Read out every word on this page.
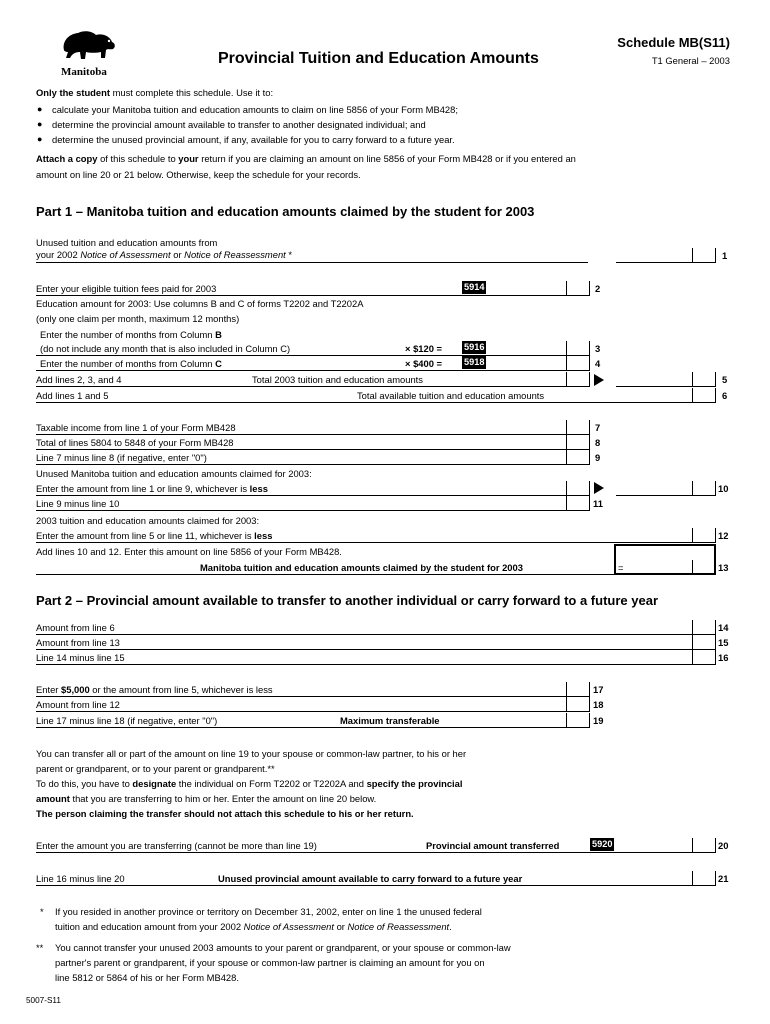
Manitoba
Provincial Tuition and Education Amounts
Schedule MB(S11)
T1 General – 2003
Only the student must complete this schedule. Use it to:
● calculate your Manitoba tuition and education amounts to claim on line 5856 of your Form MB428;
● determine the provincial amount available to transfer to another designated individual; and
● determine the unused provincial amount, if any, available for you to carry forward to a future year.
Attach a copy of this schedule to your return if you are claiming an amount on line 5856 of your Form MB428 or if you entered an
amount on line 20 or 21 below. Otherwise, keep the schedule for your records.
Part 1 – Manitoba tuition and education amounts claimed by the student for 2003
Unused tuition and education amounts from
your 2002 Notice of Assessment or Notice of Reassessment *	1
Enter your eligible tuition fees paid for 2003	5914	2
Education amount for 2003: Use columns B and C of forms T2202 and T2202A
(only one claim per month, maximum 12 months)
Enter the number of months from Column B
(do not include any month that is also included in Column C)	× $120 = 5916	3
Enter the number of months from Column C	× $400 = 5918	4
Add lines 2, 3, and 4	Total 2003 tuition and education amounts	5
Add lines 1 and 5	Total available tuition and education amounts	6
Taxable income from line 1 of your Form MB428	7
Total of lines 5804 to 5848 of your Form MB428	8
Line 7 minus line 8 (if negative, enter "0")	9
Unused Manitoba tuition and education amounts claimed for 2003:
Enter the amount from line 1 or line 9, whichever is less	10
Line 9 minus line 10	11
2003 tuition and education amounts claimed for 2003:
Enter the amount from line 5 or line 11, whichever is less	12
Add lines 10 and 12. Enter this amount on line 5856 of your Form MB428.
Manitoba tuition and education amounts claimed by the student for 2003	=	13
Part 2 – Provincial amount available to transfer to another individual or carry forward to a future year
Amount from line 6	14
Amount from line 13	15
Line 14 minus line 15	16
Enter $5,000 or the amount from line 5, whichever is less	17
Amount from line 12	18
Line 17 minus line 18 (if negative, enter "0")	Maximum transferable	19
You can transfer all or part of the amount on line 19 to your spouse or common-law partner, to his or her
parent or grandparent, or to your parent or grandparent.**
To do this, you have to designate the individual on Form T2202 or T2202A and specify the provincial
amount that you are transferring to him or her. Enter the amount on line 20 below.
The person claiming the transfer should not attach this schedule to his or her return.
Enter the amount you are transferring (cannot be more than line 19)	Provincial amount transferred	5920	20
Line 16 minus line 20	Unused provincial amount available to carry forward to a future year	21
* If you resided in another province or territory on December 31, 2002, enter on line 1 the unused federal
tuition and education amount from your 2002 Notice of Assessment or Notice of Reassessment.
** You cannot transfer your unused 2003 amounts to your parent or grandparent, or your spouse or common-law
partner's parent or grandparent, if your spouse or common-law partner is claiming an amount for you on
line 5812 or 5864 of his or her Form MB428.
5007-S11
